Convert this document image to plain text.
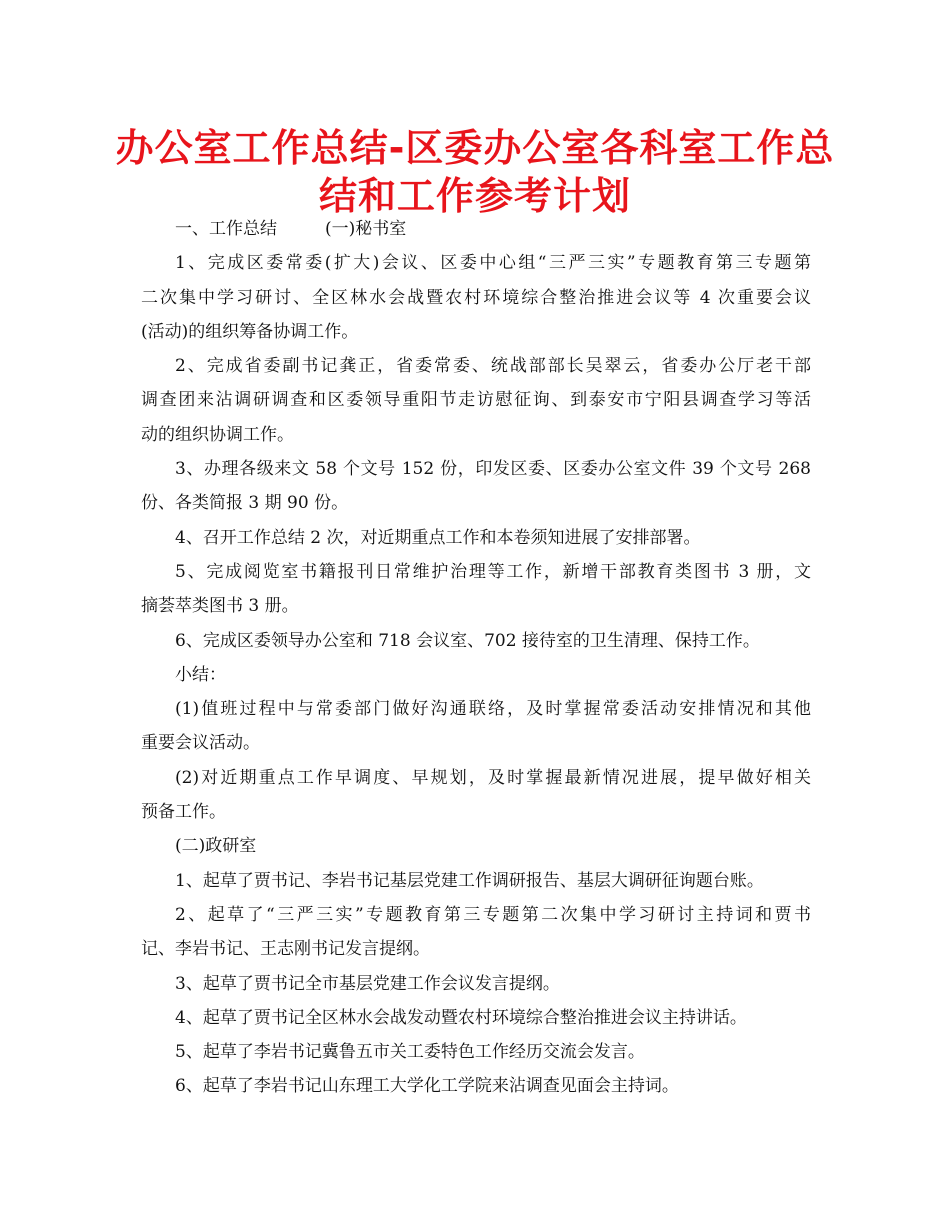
办公室工作总结-区委办公室各科室工作总
结和工作参考计划
一、工作总结	(一)秘书室
1、完成区委常委(扩大)会议、区委中心组“三严三实”专题教育第三专题第
二次集中学习研讨、全区林水会战暨农村环境综合整治推进会议等 4 次重要会议
(活动)的组织筹备协调工作。
2、完成省委副书记龚正，省委常委、统战部部长吴翠云，省委办公厅老干部
调查团来沾调研调查和区委领导重阳节走访慰征询、到泰安市宁阳县调查学习等活
动的组织协调工作。
3、办理各级来文 58 个文号 152 份，印发区委、区委办公室文件 39 个文号 268
份、各类简报 3 期 90 份。
4、召开工作总结 2 次，对近期重点工作和本卷须知进展了安排部署。
5、完成阅览室书籍报刊日常维护治理等工作，新增干部教育类图书 3 册，文
摘荟萃类图书 3 册。
6、完成区委领导办公室和 718 会议室、702 接待室的卫生清理、保持工作。
小结：
(1)值班过程中与常委部门做好沟通联络，及时掌握常委活动安排情况和其他
重要会议活动。
(2)对近期重点工作早调度、早规划，及时掌握最新情况进展，提早做好相关
预备工作。
(二)政研室
1、起草了贾书记、李岩书记基层党建工作调研报告、基层大调研征询题台账。
2、起草了“三严三实”专题教育第三专题第二次集中学习研讨主持词和贾书
记、李岩书记、王志刚书记发言提纲。
3、起草了贾书记全市基层党建工作会议发言提纲。
4、起草了贾书记全区林水会战发动暨农村环境综合整治推进会议主持讲话。
5、起草了李岩书记冀鲁五市关工委特色工作经历交流会发言。
6、起草了李岩书记山东理工大学化工学院来沾调查见面会主持词。
